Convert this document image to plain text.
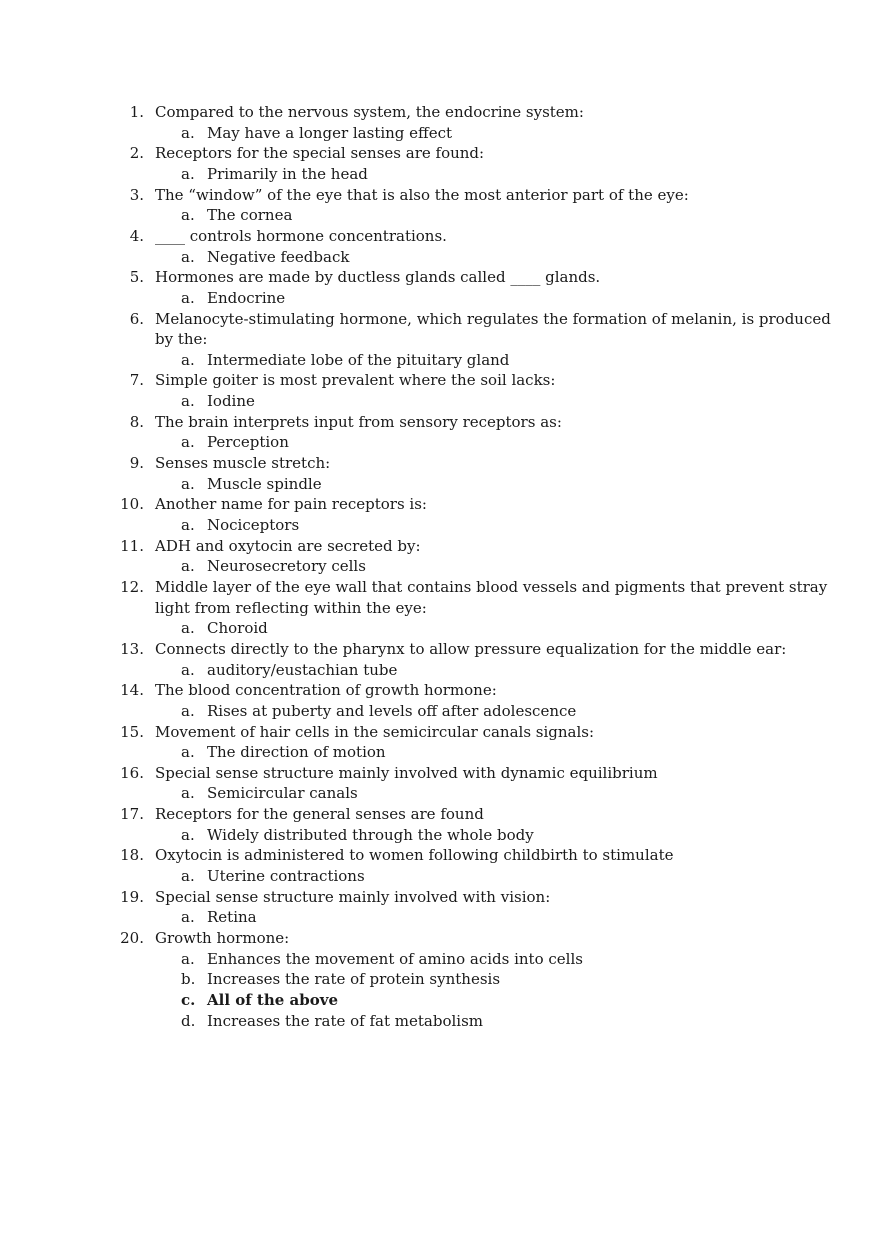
1. Compared to the nervous system, the endocrine system:
a. May have a longer lasting effect
2. Receptors for the special senses are found:
a. Primarily in the head
3. The “window” of the eye that is also the most anterior part of the eye:
a. The cornea
4. ____ controls hormone concentrations.
a. Negative feedback
5. Hormones are made by ductless glands called ____ glands.
a. Endocrine
6. Melanocyte-stimulating hormone, which regulates the formation of melanin, is produced
by the:
a. Intermediate lobe of the pituitary gland
7. Simple goiter is most prevalent where the soil lacks:
a. Iodine
8. The brain interprets input from sensory receptors as:
a. Perception
9. Senses muscle stretch:
a. Muscle spindle
10. Another name for pain receptors is:
a. Nociceptors
11. ADH and oxytocin are secreted by:
a. Neurosecretory cells
12. Middle layer of the eye wall that contains blood vessels and pigments that prevent stray
light from reflecting within the eye:
a. Choroid
13. Connects directly to the pharynx to allow pressure equalization for the middle ear:
a. auditory/eustachian tube
14. The blood concentration of growth hormone:
a. Rises at puberty and levels off after adolescence
15. Movement of hair cells in the semicircular canals signals:
a. The direction of motion
16. Special sense structure mainly involved with dynamic equilibrium
a. Semicircular canals
17. Receptors for the general senses are found
a. Widely distributed through the whole body
18. Oxytocin is administered to women following childbirth to stimulate
a. Uterine contractions
19. Special sense structure mainly involved with vision:
a. Retina
20. Growth hormone:
a. Enhances the movement of amino acids into cells
b. Increases the rate of protein synthesis
c. All of the above
d. Increases the rate of fat metabolism
